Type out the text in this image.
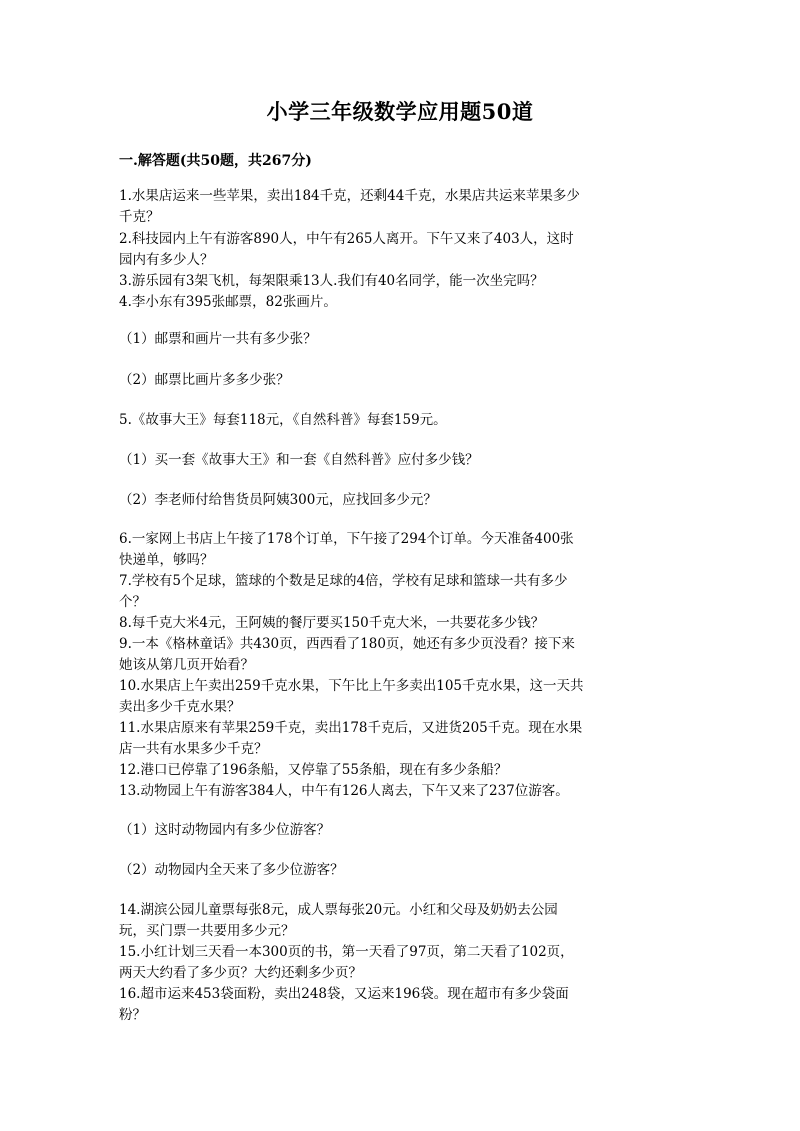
小学三年级数学应用题50道
一.解答题(共50题，共267分)
1.水果店运来一些苹果，卖出184千克，还剩44千克，水果店共运来苹果多少
千克？
2.科技园内上午有游客890人，中午有265人离开。下午又来了403人，这时
园内有多少人？
3.游乐园有3架飞机，每架限乘13人.我们有40名同学，能一次坐完吗？
4.李小东有395张邮票，82张画片。
（1）邮票和画片一共有多少张？
（2）邮票比画片多多少张？
5.《故事大王》每套118元，《自然科普》每套159元。
（1）买一套《故事大王》和一套《自然科普》应付多少钱？
（2）李老师付给售货员阿姨300元，应找回多少元？
6.一家网上书店上午接了178个订单，下午接了294个订单。今天准备400张
快递单，够吗？
7.学校有5个足球，篮球的个数是足球的4倍，学校有足球和篮球一共有多少
个？
8.每千克大米4元，王阿姨的餐厅要买150千克大米，一共要花多少钱？
9.一本《格林童话》共430页，西西看了180页，她还有多少页没看？接下来
她该从第几页开始看？
10.水果店上午卖出259千克水果，下午比上午多卖出105千克水果，这一天共
卖出多少千克水果？
11.水果店原来有苹果259千克，卖出178千克后，又进货205千克。现在水果
店一共有水果多少千克？
12.港口已停靠了196条船，又停靠了55条船，现在有多少条船？
13.动物园上午有游客384人，中午有126人离去，下午又来了237位游客。
（1）这时动物园内有多少位游客？
（2）动物园内全天来了多少位游客？
14.湖滨公园儿童票每张8元，成人票每张20元。小红和父母及奶奶去公园
玩，买门票一共要用多少元？
15.小红计划三天看一本300页的书，第一天看了97页，第二天看了102页，
两天大约看了多少页？大约还剩多少页？
16.超市运来453袋面粉，卖出248袋，又运来196袋。现在超市有多少袋面
粉？
